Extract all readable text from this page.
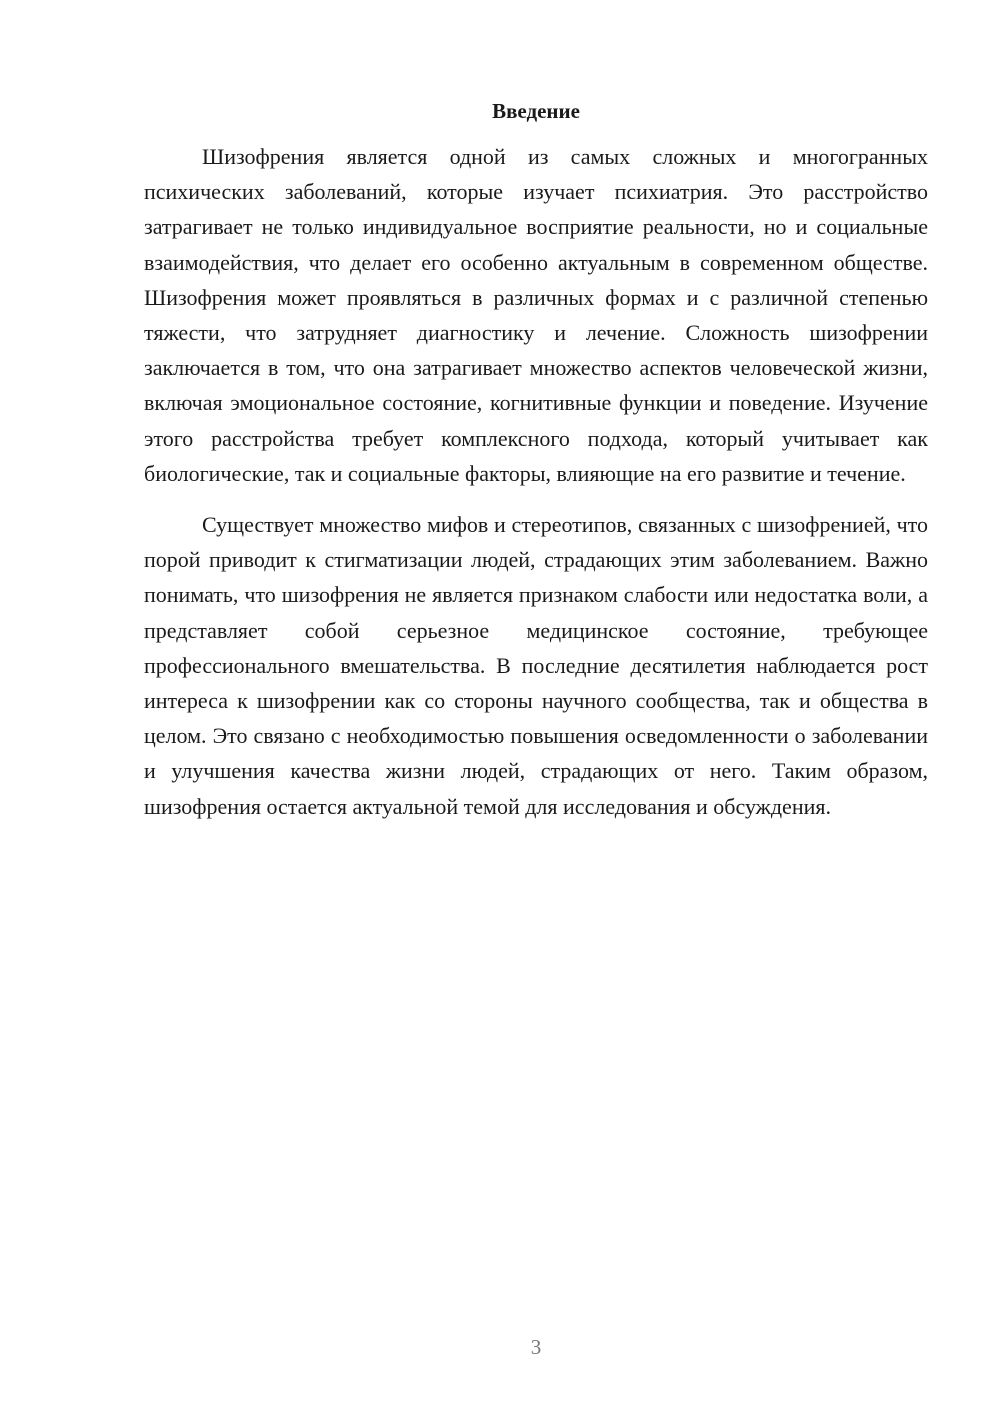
Введение

Шизофрения является одной из самых сложных и многогранных психических заболеваний, которые изучает психиатрия. Это расстройство затрагивает не только индивидуальное восприятие реальности, но и социальные взаимодействия, что делает его особенно актуальным в современном обществе. Шизофрения может проявляться в различных формах и с различной степенью тяжести, что затрудняет диагностику и лечение. Сложность шизофрении заключается в том, что она затрагивает множество аспектов человеческой жизни, включая эмоциональное состояние, когнитивные функции и поведение. Изучение этого расстройства требует комплексного подхода, который учитывает как биологические, так и социальные факторы, влияющие на его развитие и течение.

Существует множество мифов и стереотипов, связанных с шизофренией, что порой приводит к стигматизации людей, страдающих этим заболеванием. Важно понимать, что шизофрения не является признаком слабости или недостатка воли, а представляет собой серьезное медицинское состояние, требующее профессионального вмешательства. В последние десятилетия наблюдается рост интереса к шизофрении как со стороны научного сообщества, так и общества в целом. Это связано с необходимостью повышения осведомленности о заболевании и улучшения качества жизни людей, страдающих от него. Таким образом, шизофрения остается актуальной темой для исследования и обсуждения.

3
